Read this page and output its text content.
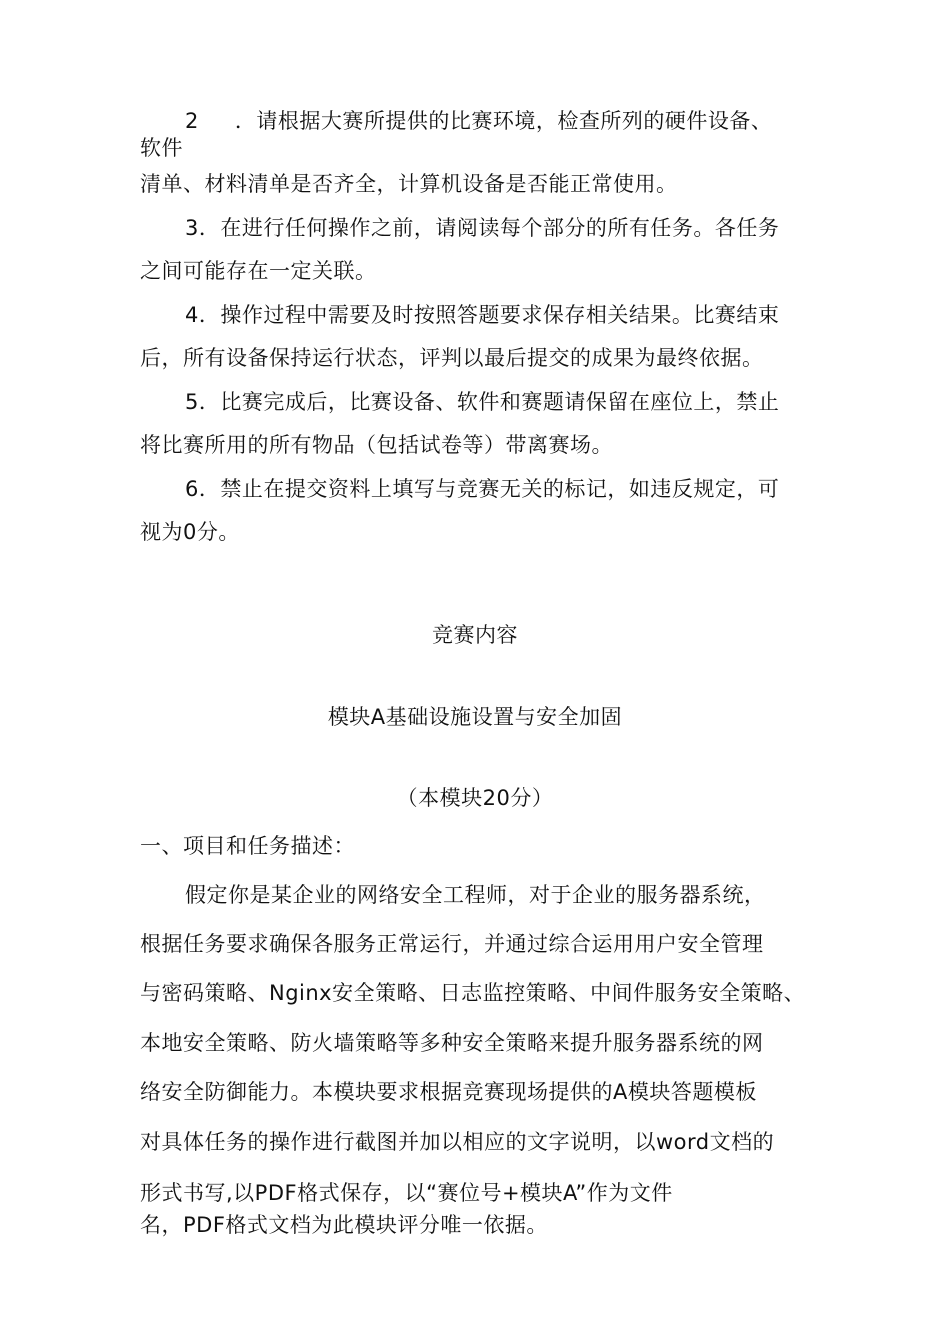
2 ．请根据大赛所提供的比赛环境，检查所列的硬件设备、
软件
清单、材料清单是否齐全，计算机设备是否能正常使用。
3．在进行任何操作之前，请阅读每个部分的所有任务。各任务
之间可能存在一定关联。
4．操作过程中需要及时按照答题要求保存相关结果。比赛结束
后，所有设备保持运行状态，评判以最后提交的成果为最终依据。
5．比赛完成后，比赛设备、软件和赛题请保留在座位上，禁止
将比赛所用的所有物品（包括试卷等）带离赛场。
6．禁止在提交资料上填写与竞赛无关的标记，如违反规定，可
视为0分。
竞赛内容
模块A基础设施设置与安全加固
（本模块20分）
一、项目和任务描述：
假定你是某企业的网络安全工程师，对于企业的服务器系统，
根据任务要求确保各服务正常运行，并通过综合运用用户安全管理
与密码策略、Nginx安全策略、日志监控策略、中间件服务安全策略、
本地安全策略、防火墙策略等多种安全策略来提升服务器系统的网
络安全防御能力。本模块要求根据竞赛现场提供的A模块答题模板
对具体任务的操作进行截图并加以相应的文字说明，以word文档的
形式书写,以PDF格式保存，以“赛位号+模块A”作为文件
名，PDF格式文档为此模块评分唯一依据。
